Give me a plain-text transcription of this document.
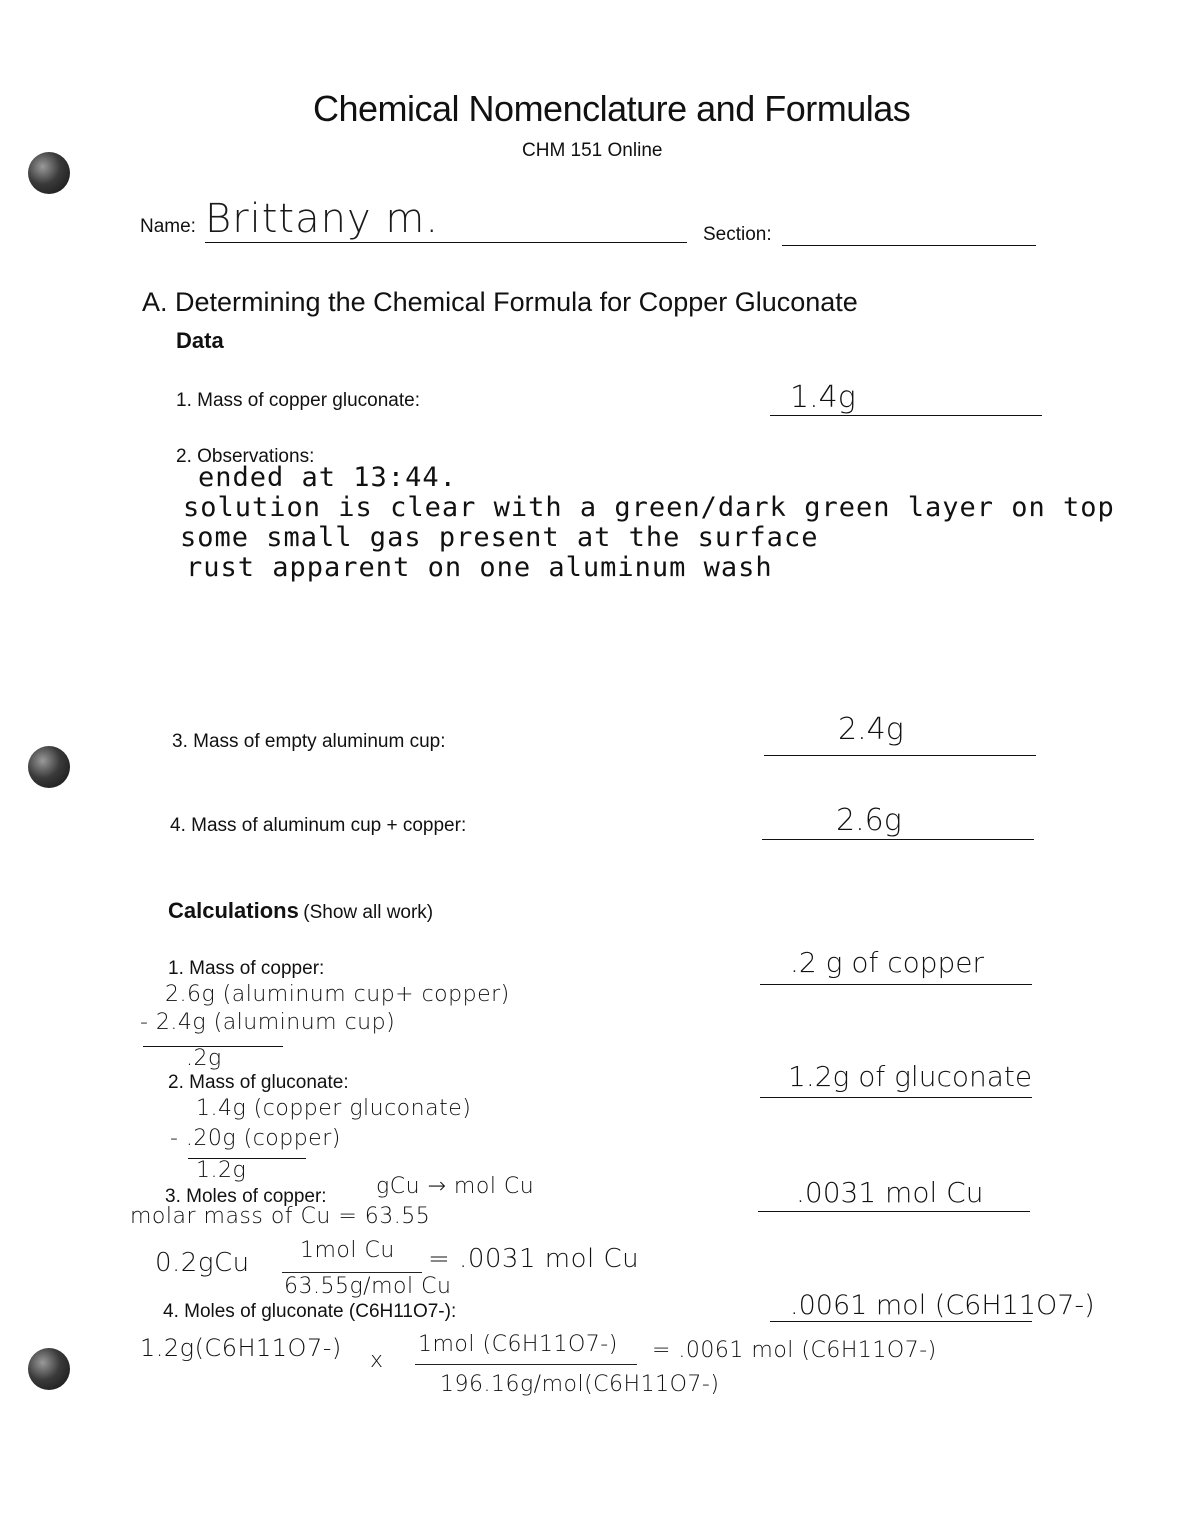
Chemical Nomenclature and Formulas
CHM 151 Online
Name: Brittany m.	Section:
A. Determining the Chemical Formula for Copper Gluconate
Data
1. Mass of copper gluconate:	1.4g
2. Observations:
ended at 13:44.
solution is clear with a green/dark green layer on top
some small gas present at the surface
rust apparent on one aluminum wash
3. Mass of empty aluminum cup:	2.4g
4. Mass of aluminum cup + copper:	2.6g
Calculations (Show all work)
1. Mass of copper:	.2 g of copper
2.6g (aluminum cup+ copper)
- 2.4g (aluminum cup)
.2g
2. Mass of gluconate:	1.2g of gluconate
1.4g (copper gluconate)
- .20g (copper)
1.2g
3. Moles of copper: gCu → mol Cu	.0031 mol Cu
molar mass of Cu = 63.55
0.2gCu 1mol Cu
63.55g/mol Cu
= .0031 mol Cu
4. Moles of gluconate (C6H11O7-):	.0061 mol (C6H11O7-)
1.2g(C6H11O7-) x
1mol (C6H11O7-)
196.16g/mol(C6H11O7-)
= .0061 mol (C6H11O7-)
